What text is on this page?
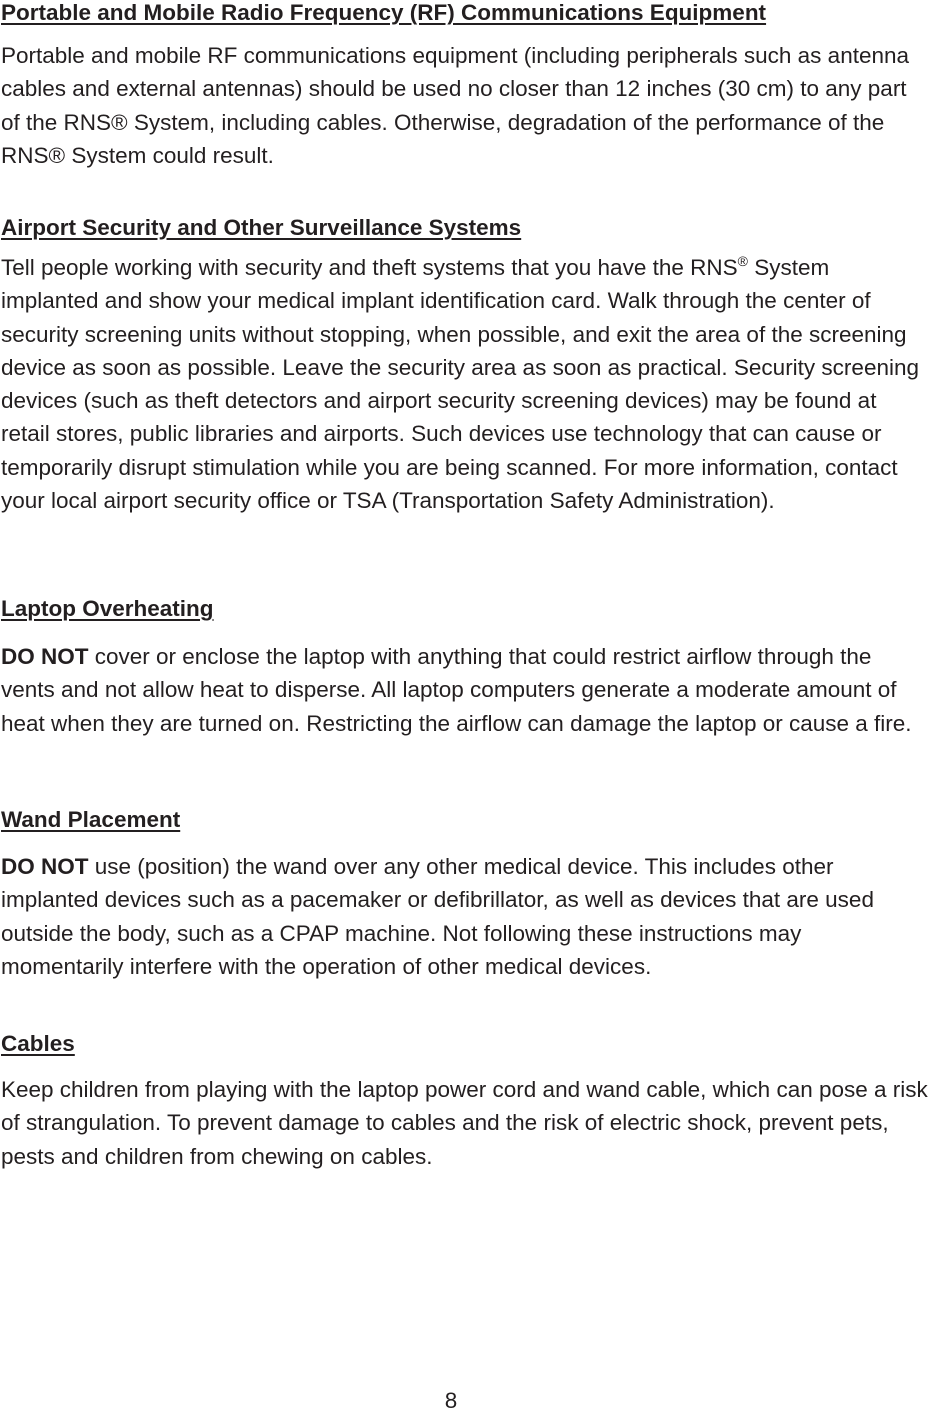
Portable and Mobile Radio Frequency (RF) Communications Equipment
Portable and mobile RF communications equipment (including peripherals such as antenna cables and external antennas) should be used no closer than 12 inches (30 cm) to any part of the RNS® System, including cables. Otherwise, degradation of the performance of the RNS® System could result.
Airport Security and Other Surveillance Systems
Tell people working with security and theft systems that you have the RNS® System implanted and show your medical implant identification card. Walk through the center of security screening units without stopping, when possible, and exit the area of the screening device as soon as possible. Leave the security area as soon as practical. Security screening devices (such as theft detectors and airport security screening devices) may be found at retail stores, public libraries and airports. Such devices use technology that can cause or temporarily disrupt stimulation while you are being scanned. For more information, contact your local airport security office or TSA (Transportation Safety Administration).
Laptop Overheating
DO NOT cover or enclose the laptop with anything that could restrict airflow through the vents and not allow heat to disperse. All laptop computers generate a moderate amount of heat when they are turned on. Restricting the airflow can damage the laptop or cause a fire.
Wand Placement
DO NOT use (position) the wand over any other medical device. This includes other implanted devices such as a pacemaker or defibrillator, as well as devices that are used outside the body, such as a CPAP machine. Not following these instructions may momentarily interfere with the operation of other medical devices.
Cables
Keep children from playing with the laptop power cord and wand cable, which can pose a risk of strangulation. To prevent damage to cables and the risk of electric shock, prevent pets, pests and children from chewing on cables.
8
